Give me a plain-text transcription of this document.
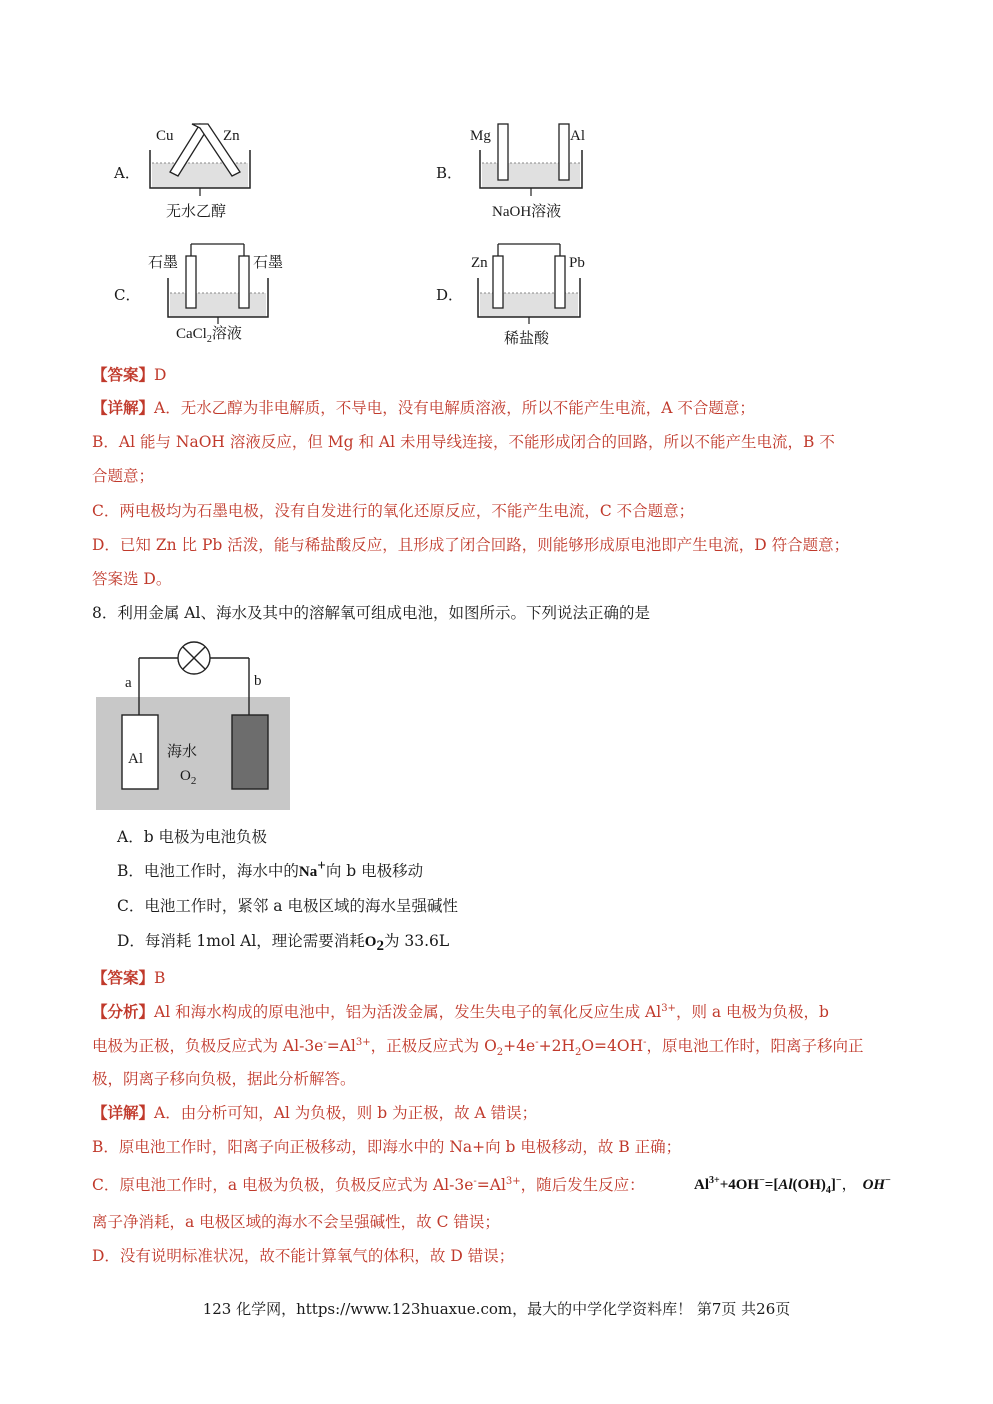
A．
Cu	Zn
无水乙醇
B．
Mg	Al
NaOH溶液
C．
石墨	石墨
CaCl$_2$溶液
D．
Zn	Pb
稀盐酸
【答案】D
【详解】A．无水乙醇为非电解质，不导电，没有电解质溶液，所以不能产生电流，A 不合题意；
B．Al 能与 NaOH 溶液反应，但 Mg 和 Al 未用导线连接，不能形成闭合的回路，所以不能产生电流，B 不
合题意；
C．两电极均为石墨电极，没有自发进行的氧化还原反应，不能产生电流，C 不合题意；
D．已知 Zn 比 Pb 活泼，能与稀盐酸反应，且形成了闭合回路，则能够形成原电池即产生电流，D 符合题意；
答案选 D。
8．利用金属 Al、海水及其中的溶解氧可组成电池，如图所示。下列说法正确的是
a	b
Al 海水
$O_2$
A．b 电极为电池负极
B．电池工作时，海水中的Na+向 b 电极移动
C．电池工作时，紧邻 a 电极区域的海水呈强碱性
D．每消耗 1mol Al，理论需要消耗$O_2$为 33.6L
【答案】B
【分析】Al 和海水构成的原电池中，铝为活泼金属，发生失电子的氧化反应生成 $Al^{3+}$，则 a 电极为负极，b
电极为正极，负极反应式为 $Al-3e^-=Al^{3+}$，正极反应式为 $O_2+4e^-+2H_2O=4OH^-$，原电池工作时，阳离子移向正
极，阴离子移向负极，据此分析解答。
【详解】A．由分析可知，Al 为负极，则 b 为正极，故 A 错误；
B．原电池工作时，阳离子向正极移动，即海水中的 Na+向 b 电极移动，故 B 正确；
C．原电池工作时，a 电极为负极，负极反应式为 $Al-3e^-=Al^{3+}$，随后发生反应：	$Al^{3+}+4OH^-=[Al(OH)_4]^-$， OH−
离子净消耗，a 电极区域的海水不会呈强碱性，故 C 错误；
D．没有说明标准状况，故不能计算氧气的体积，故 D 错误；
123 化学网，https://www.123huaxue.com，最大的中学化学资料库！ 第7页 共26页
